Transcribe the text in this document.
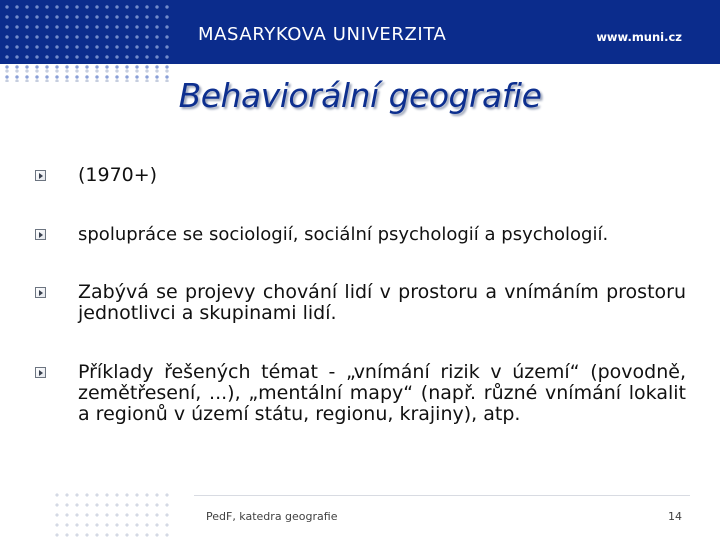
MASARYKOVA UNIVERZITA	www.muni.cz
Behaviorální geografie
(1970+)
spolupráce se sociologií, sociální psychologií a psychologií.
Zabývá se projevy chování lidí v prostoru a vnímáním prostoru jednotlivci a skupinami lidí.
Příklady řešených témat - „vnímání rizik v území“ (povodně, zemětřesení, ...), „mentální mapy“ (např. různé vnímání lokalit a regionů v území státu, regionu, krajiny), atp.
PedF, katedra geografie	14
